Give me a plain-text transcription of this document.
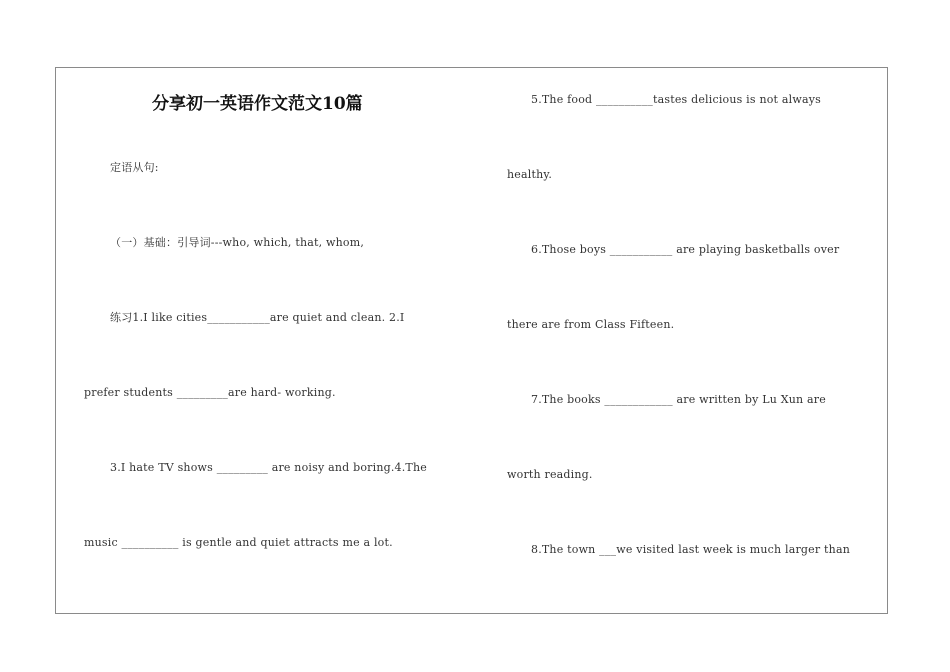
分享初一英语作文范文10篇
定语从句:
（一）基础：引导词---who, which, that, whom,
练习1.I like cities___________are quiet and clean. 2.I
prefer students _________are hard- working.
3.I hate TV shows _________ are noisy and boring.4.The
music __________ is gentle and quiet attracts me a lot.
5.The food __________tastes delicious is not always
healthy.
6.Those boys ___________ are playing basketballs over
there are from Class Fifteen.
7.The books ____________ are written by Lu Xun are
worth reading.
8.The town ___we visited last week is much larger than
